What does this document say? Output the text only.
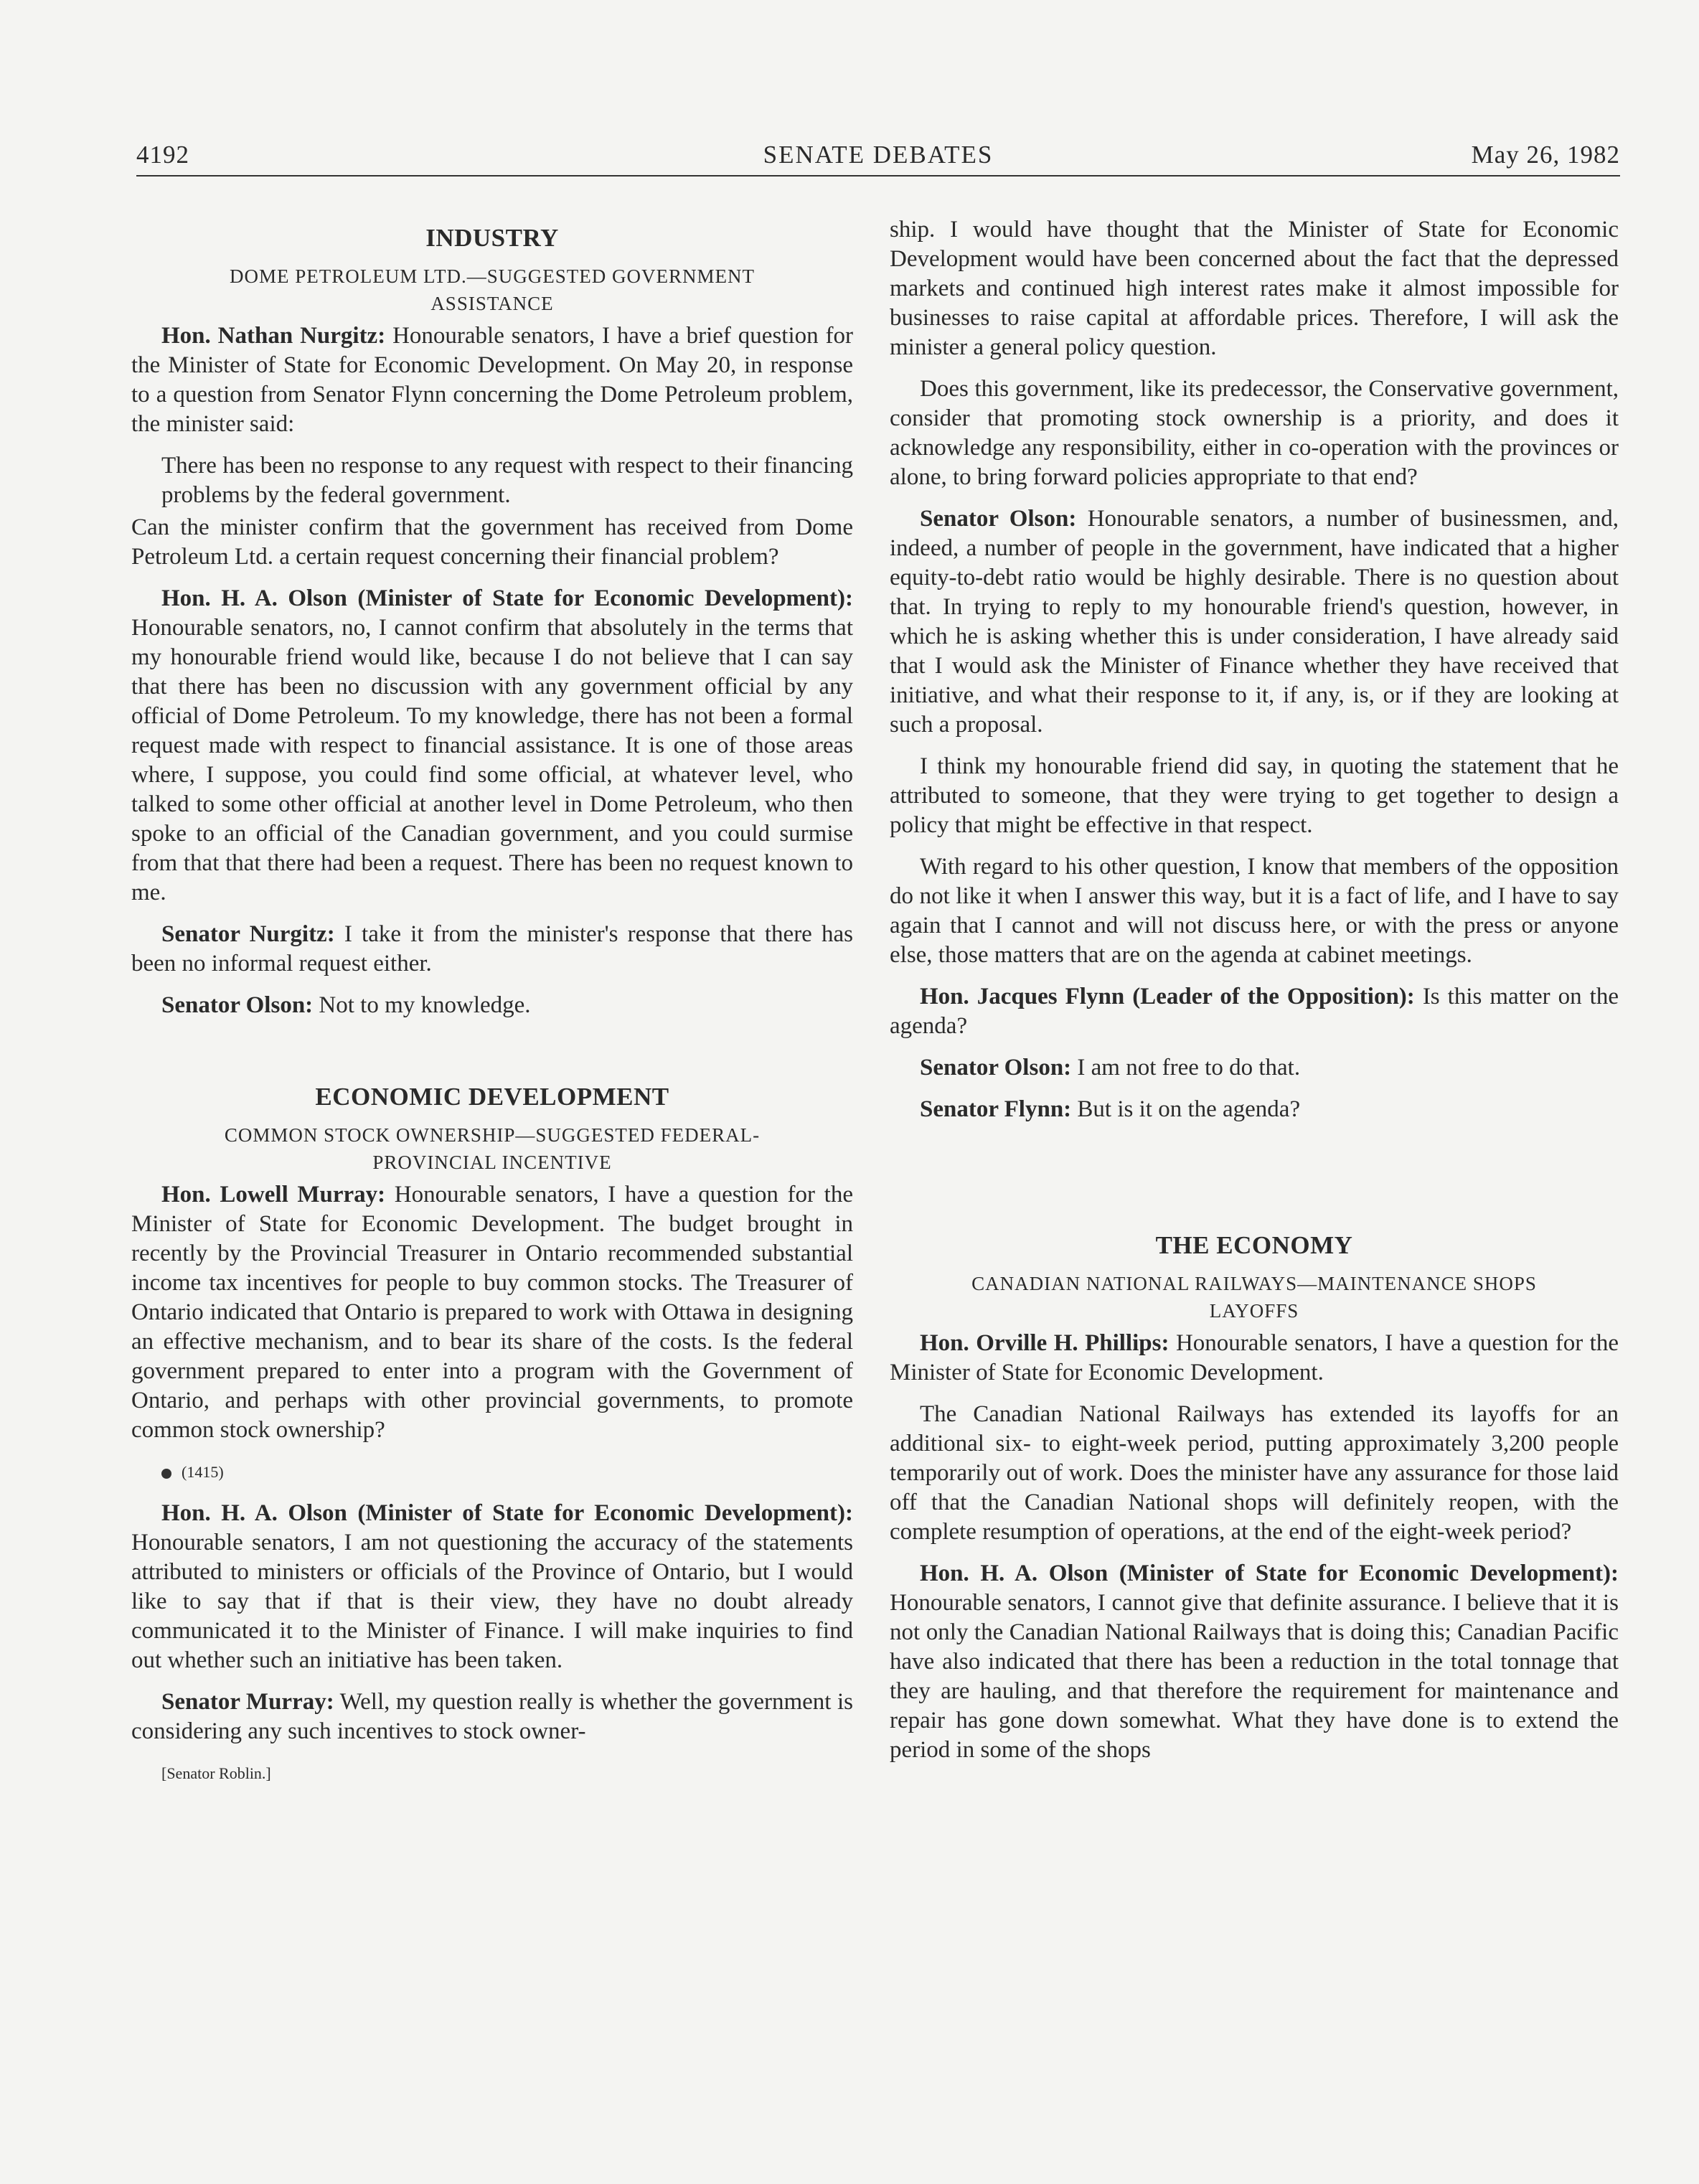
4192	SENATE DEBATES	May 26, 1982
INDUSTRY
DOME PETROLEUM LTD.—SUGGESTED GOVERNMENT ASSISTANCE

Hon. Nathan Nurgitz: Honourable senators, I have a brief question for the Minister of State for Economic Development. On May 20, in response to a question from Senator Flynn concerning the Dome Petroleum problem, the minister said:

There has been no response to any request with respect to their financing problems by the federal government.

Can the minister confirm that the government has received from Dome Petroleum Ltd. a certain request concerning their financial problem?

Hon. H. A. Olson (Minister of State for Economic Development): Honourable senators, no, I cannot confirm that absolutely in the terms that my honourable friend would like, because I do not believe that I can say that there has been no discussion with any government official by any official of Dome Petroleum. To my knowledge, there has not been a formal request made with respect to financial assistance. It is one of those areas where, I suppose, you could find some official, at whatever level, who talked to some other official at another level in Dome Petroleum, who then spoke to an official of the Canadian government, and you could surmise from that that there had been a request. There has been no request known to me.

Senator Nurgitz: I take it from the minister's response that there has been no informal request either.

Senator Olson: Not to my knowledge.

ECONOMIC DEVELOPMENT
COMMON STOCK OWNERSHIP—SUGGESTED FEDERAL-PROVINCIAL INCENTIVE

Hon. Lowell Murray: Honourable senators, I have a question for the Minister of State for Economic Development. The budget brought in recently by the Provincial Treasurer in Ontario recommended substantial income tax incentives for people to buy common stocks. The Treasurer of Ontario indicated that Ontario is prepared to work with Ottawa in designing an effective mechanism, and to bear its share of the costs. Is the federal government prepared to enter into a program with the Government of Ontario, and perhaps with other provincial governments, to promote common stock ownership?

(1415)

Hon. H. A. Olson (Minister of State for Economic Development): Honourable senators, I am not questioning the accuracy of the statements attributed to ministers or officials of the Province of Ontario, but I would like to say that if that is their view, they have no doubt already communicated it to the Minister of Finance. I will make inquiries to find out whether such an initiative has been taken.

Senator Murray: Well, my question really is whether the government is considering any such incentives to stock owner-

[Senator Roblin.]

ship. I would have thought that the Minister of State for Economic Development would have been concerned about the fact that the depressed markets and continued high interest rates make it almost impossible for businesses to raise capital at affordable prices. Therefore, I will ask the minister a general policy question.

Does this government, like its predecessor, the Conservative government, consider that promoting stock ownership is a priority, and does it acknowledge any responsibility, either in co-operation with the provinces or alone, to bring forward policies appropriate to that end?

Senator Olson: Honourable senators, a number of businessmen, and, indeed, a number of people in the government, have indicated that a higher equity-to-debt ratio would be highly desirable. There is no question about that. In trying to reply to my honourable friend's question, however, in which he is asking whether this is under consideration, I have already said that I would ask the Minister of Finance whether they have received that initiative, and what their response to it, if any, is, or if they are looking at such a proposal.

I think my honourable friend did say, in quoting the statement that he attributed to someone, that they were trying to get together to design a policy that might be effective in that respect.

With regard to his other question, I know that members of the opposition do not like it when I answer this way, but it is a fact of life, and I have to say again that I cannot and will not discuss here, or with the press or anyone else, those matters that are on the agenda at cabinet meetings.

Hon. Jacques Flynn (Leader of the Opposition): Is this matter on the agenda?

Senator Olson: I am not free to do that.

Senator Flynn: But is it on the agenda?

THE ECONOMY
CANADIAN NATIONAL RAILWAYS—MAINTENANCE SHOPS LAYOFFS

Hon. Orville H. Phillips: Honourable senators, I have a question for the Minister of State for Economic Development.

The Canadian National Railways has extended its layoffs for an additional six- to eight-week period, putting approximately 3,200 people temporarily out of work. Does the minister have any assurance for those laid off that the Canadian National shops will definitely reopen, with the complete resumption of operations, at the end of the eight-week period?

Hon. H. A. Olson (Minister of State for Economic Development): Honourable senators, I cannot give that definite assurance. I believe that it is not only the Canadian National Railways that is doing this; Canadian Pacific have also indicated that there has been a reduction in the total tonnage that they are hauling, and that therefore the requirement for maintenance and repair has gone down somewhat. What they have done is to extend the period in some of the shops
